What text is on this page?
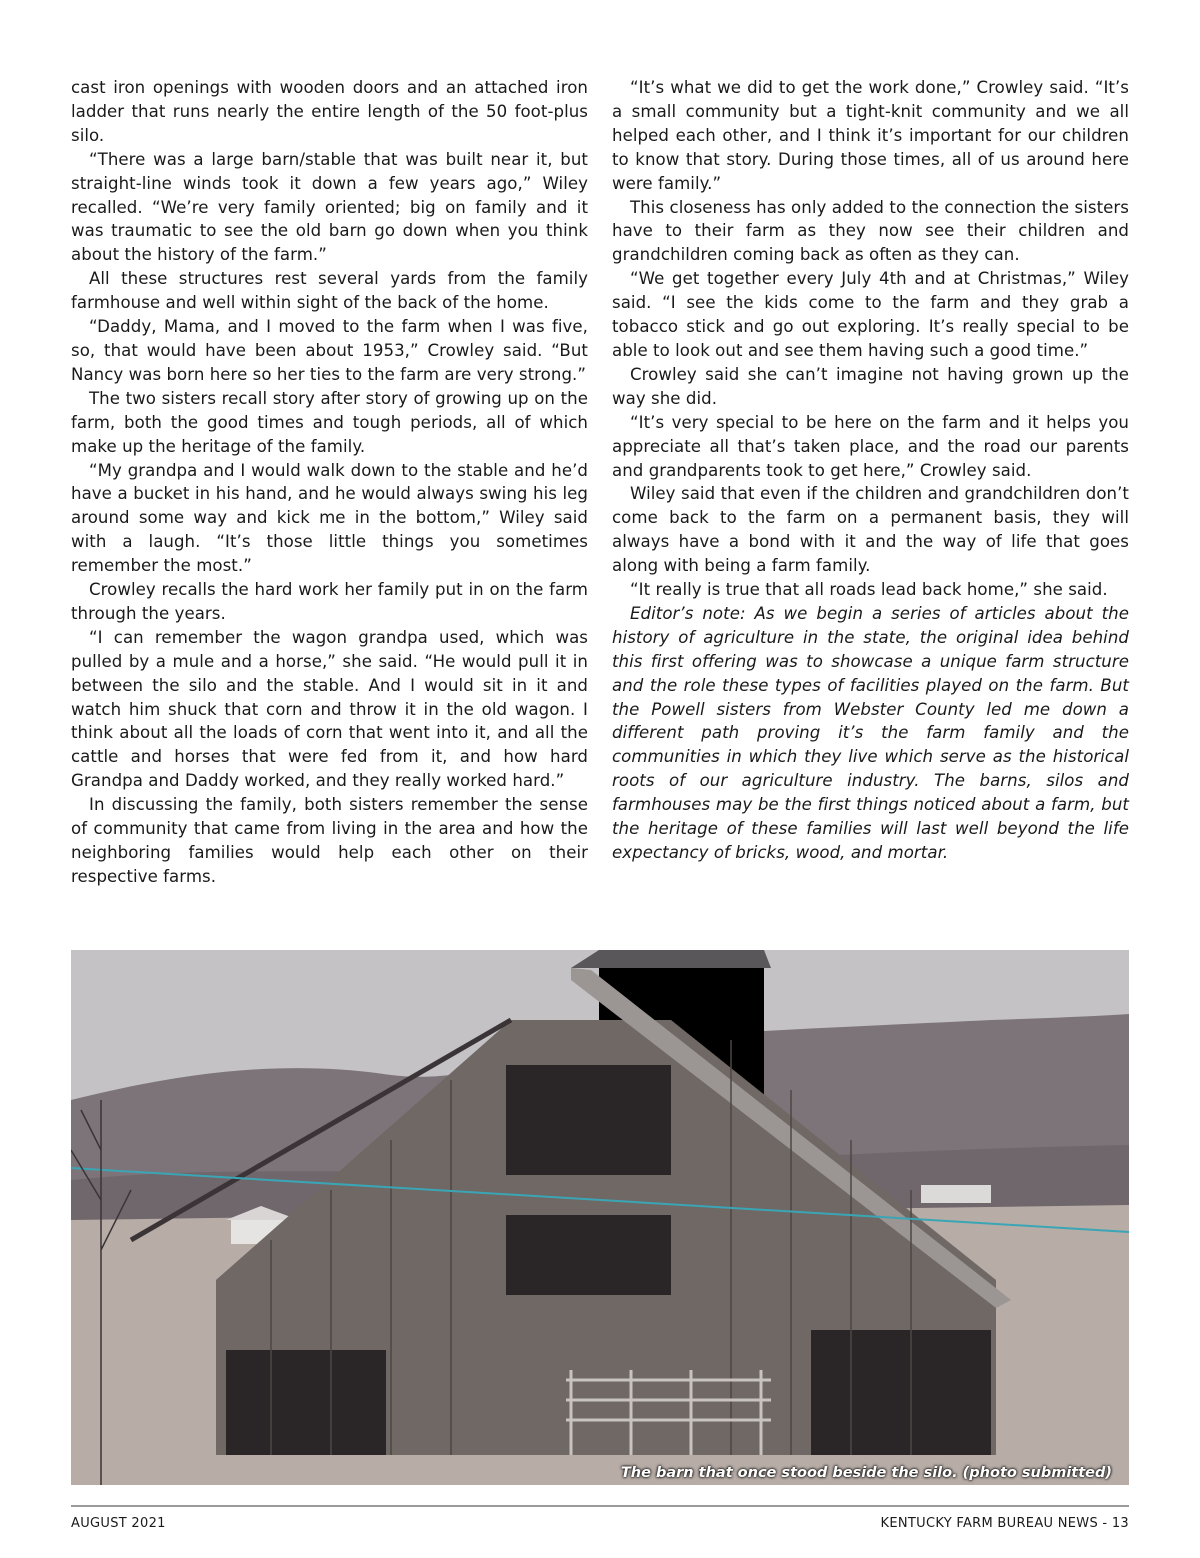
cast iron openings with wooden doors and an attached iron ladder that runs nearly the entire length of the 50 foot-plus silo.

“There was a large barn/stable that was built near it, but straight-line winds took it down a few years ago,” Wiley recalled. “We’re very family oriented; big on family and it was traumatic to see the old barn go down when you think about the history of the farm.”

All these structures rest several yards from the family farmhouse and well within sight of the back of the home.

“Daddy, Mama, and I moved to the farm when I was five, so, that would have been about 1953,” Crowley said. “But Nancy was born here so her ties to the farm are very strong.”

The two sisters recall story after story of growing up on the farm, both the good times and tough periods, all of which make up the heritage of the family.

“My grandpa and I would walk down to the stable and he’d have a bucket in his hand, and he would always swing his leg around some way and kick me in the bottom,” Wiley said with a laugh. “It’s those little things you sometimes remember the most.”

Crowley recalls the hard work her family put in on the farm through the years.

“I can remember the wagon grandpa used, which was pulled by a mule and a horse,” she said. “He would pull it in between the silo and the stable. And I would sit in it and watch him shuck that corn and throw it in the old wagon. I think about all the loads of corn that went into it, and all the cattle and horses that were fed from it, and how hard Grandpa and Daddy worked, and they really worked hard.”

In discussing the family, both sisters remember the sense of community that came from living in the area and how the neighboring families would help each other on their respective farms.

“It’s what we did to get the work done,” Crowley said. “It’s a small community but a tight-knit community and we all helped each other, and I think it’s important for our children to know that story. During those times, all of us around here were family.”

This closeness has only added to the connection the sisters have to their farm as they now see their children and grandchildren coming back as often as they can.

“We get together every July 4th and at Christmas,” Wiley said. “I see the kids come to the farm and they grab a tobacco stick and go out exploring. It’s really special to be able to look out and see them having such a good time.”

Crowley said she can’t imagine not having grown up the way she did.

“It’s very special to be here on the farm and it helps you appreciate all that’s taken place, and the road our parents and grandparents took to get here,” Crowley said.

Wiley said that even if the children and grandchildren don’t come back to the farm on a permanent basis, they will always have a bond with it and the way of life that goes along with being a farm family.

“It really is true that all roads lead back home,” she said.

Editor’s note: As we begin a series of articles about the history of agriculture in the state, the original idea behind this first offering was to showcase a unique farm structure and the role these types of facilities played on the farm. But the Powell sisters from Webster County led me down a different path proving it’s the farm family and the communities in which they live which serve as the historical roots of our agriculture industry. The barns, silos and farmhouses may be the first things noticed about a farm, but the heritage of these families will last well beyond the life expectancy of bricks, wood, and mortar.

The barn that once stood beside the silo. (photo submitted)
AUGUST 2021	KENTUCKY FARM BUREAU NEWS - 13
